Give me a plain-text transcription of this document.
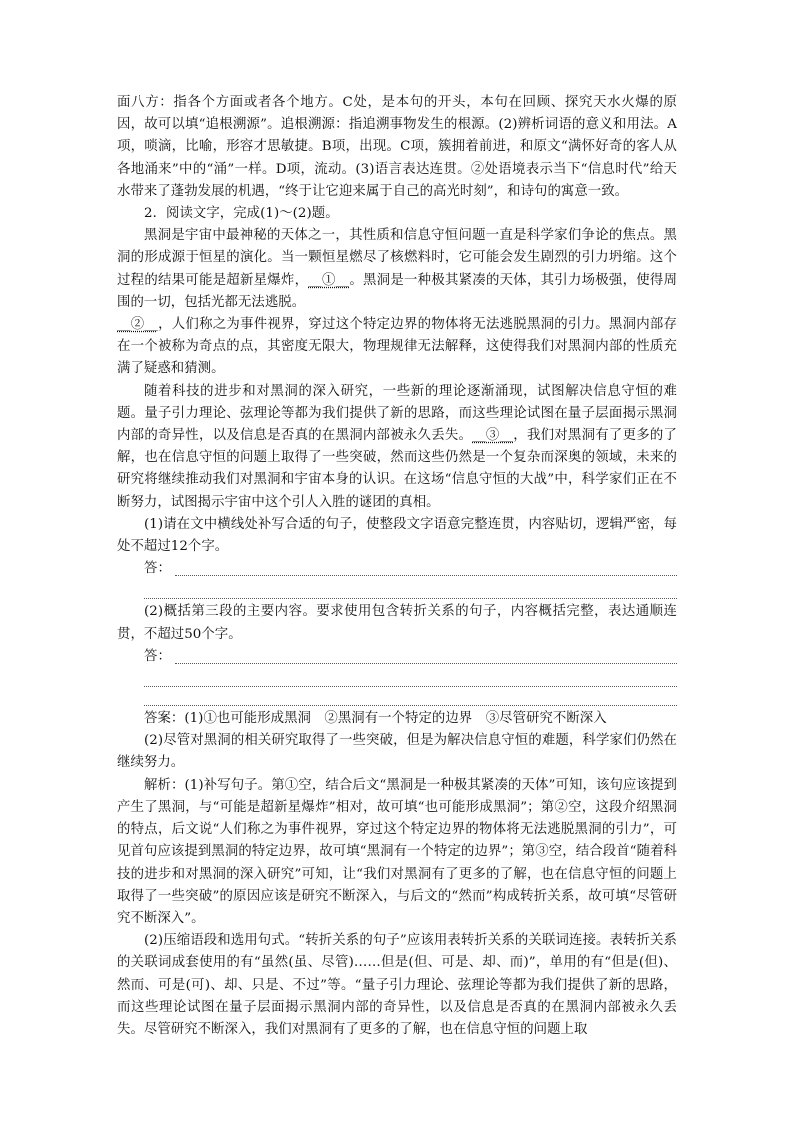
面八方：指各个方面或者各个地方。C处，是本句的开头，本句在回顾、探究天水火爆的原因，故可以填“追根溯源”。追根溯源：指追溯事物发生的根源。(2)辨析词语的意义和用法。A项，唢滴，比喻，形容才思敏捷。B项，出现。C项，簇拥着前进，和原文“满怀好奇的客人从各地涌来”中的“涌”一样。D项，流动。(3)语言表达连贯。②处语境表示当下“信息时代”给天水带来了蓬勃发展的机遇，“终于让它迎来属于自己的高光时刻”，和诗句的寓意一致。

2．阅读文字，完成(1)～(2)题。

黑洞是宇宙中最神秘的天体之一，其性质和信息守恒问题一直是科学家们争论的焦点。黑洞的形成源于恒星的演化。当一颗恒星燃尽了核燃料时，它可能会发生剧烈的引力坍缩。这个过程的结果可能是超新星爆炸，__①__。黑洞是一种极其紧凑的天体，其引力场极强，使得周围的一切，包括光都无法逃脱。

__②__，人们称之为事件视界，穿过这个特定边界的物体将无法逃脱黑洞的引力。黑洞内部存在一个被称为奇点的点，其密度无限大，物理规律无法解释，这使得我们对黑洞内部的性质充满了疑惑和猜测。

随着科技的进步和对黑洞的深入研究，一些新的理论逐渐涌现，试图解决信息守恒的难题。量子引力理论、弦理论等都为我们提供了新的思路，而这些理论试图在量子层面揭示黑洞内部的奇异性，以及信息是否真的在黑洞内部被永久丢失。__③__，我们对黑洞有了更多的了解，也在信息守恒的问题上取得了一些突破，然而这些仍然是一个复杂而深奥的领域，未来的研究将继续推动我们对黑洞和宇宙本身的认识。在这场“信息守恒的大战”中，科学家们正在不断努力，试图揭示宇宙中这个引人入胜的谜团的真相。

(1)请在文中横线处补写合适的句子，使整段文字语意完整连贯，内容贴切，逻辑严密，每处不超过12个字。

答：

(2)概括第三段的主要内容。要求使用包含转折关系的句子，内容概括完整，表达通顺连贯，不超过50个字。

答：

答案：(1)①也可能形成黑洞　②黑洞有一个特定的边界　③尽管研究不断深入

(2)尽管对黑洞的相关研究取得了一些突破，但是为解决信息守恒的难题，科学家们仍然在继续努力。

解析：(1)补写句子。第①空，结合后文“黑洞是一种极其紧凑的天体”可知，该句应该提到产生了黑洞，与“可能是超新星爆炸”相对，故可填“也可能形成黑洞”；第②空，这段介绍黑洞的特点，后文说“人们称之为事件视界，穿过这个特定边界的物体将无法逃脱黑洞的引力”，可见首句应该提到黑洞的特定边界，故可填“黑洞有一个特定的边界”；第③空，结合段首“随着科技的进步和对黑洞的深入研究”可知，让“我们对黑洞有了更多的了解，也在信息守恒的问题上取得了一些突破”的原因应该是研究不断深入，与后文的“然而”构成转折关系，故可填“尽管研究不断深入”。

(2)压缩语段和选用句式。“转折关系的句子”应该用表转折关系的关联词连接。表转折关系的关联词成套使用的有“虽然(虽、尽管)……但是(但、可是、却、而)”，单用的有“但是(但)、然而、可是(可)、却、只是、不过”等。“量子引力理论、弦理论等都为我们提供了新的思路，而这些理论试图在量子层面揭示黑洞内部的奇异性，以及信息是否真的在黑洞内部被永久丢失。尽管研究不断深入，我们对黑洞有了更多的了解，也在信息守恒的问题上取
